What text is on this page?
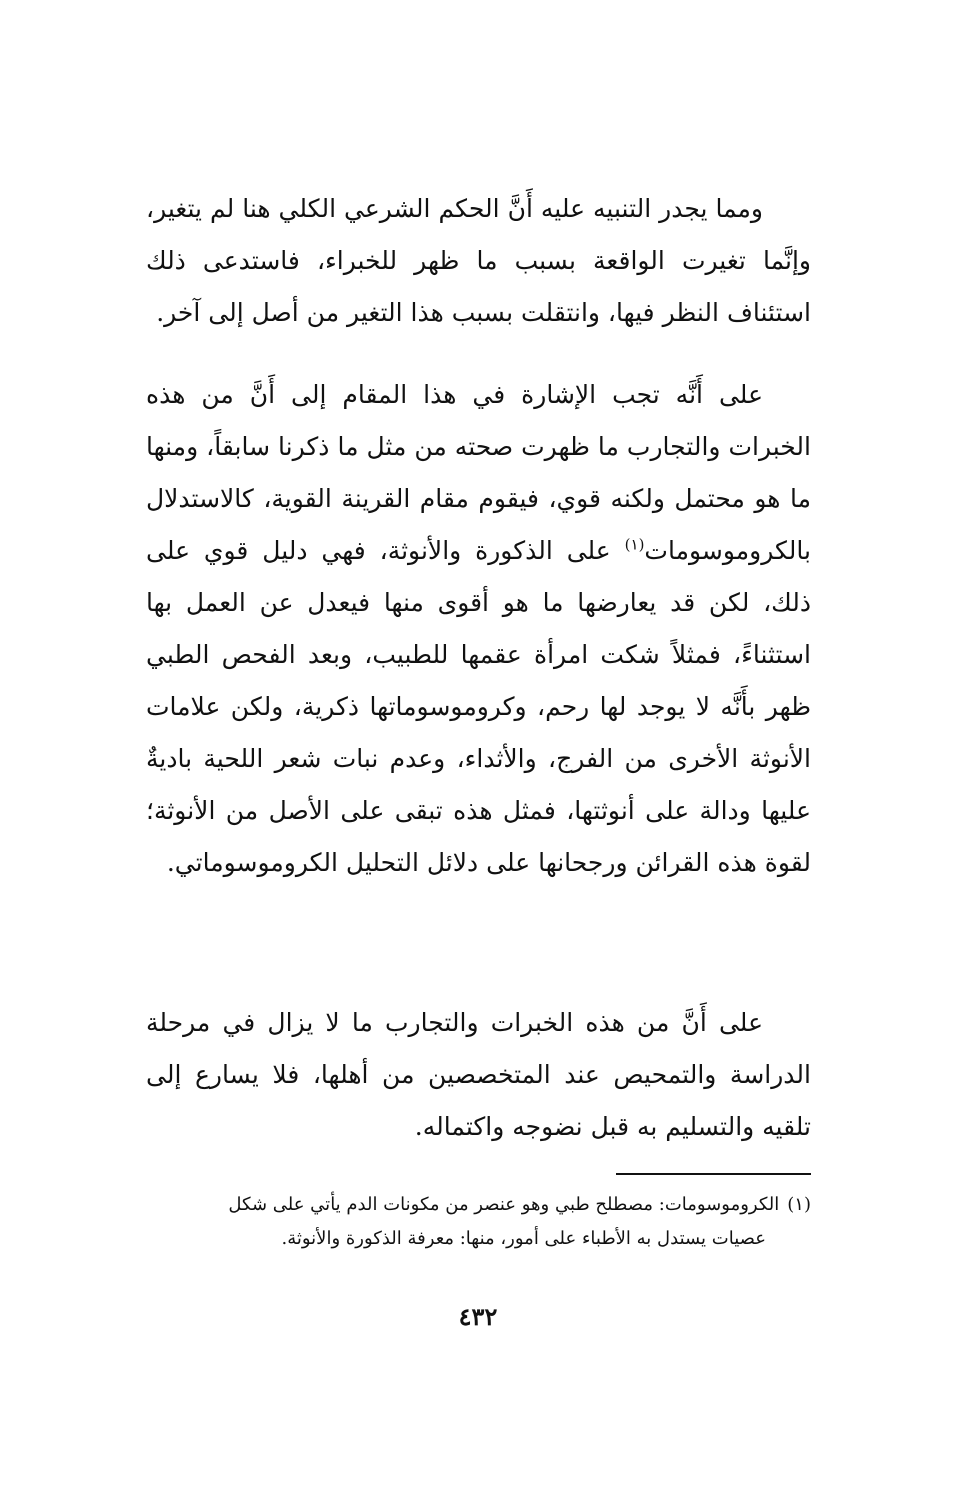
ومما يجدر التنبيه عليه أَنَّ الحكم الشرعي الكلي هنا لم يتغير، وإنَّما تغيرت الواقعة بسبب ما ظهر للخبراء، فاستدعى ذلك استئناف النظر فيها، وانتقلت بسبب هذا التغير من أصل إلى آخر.

على أَنَّه تجب الإشارة في هذا المقام إلى أَنَّ من هذه الخبرات والتجارب ما ظهرت صحته من مثل ما ذكرنا سابقاً، ومنها ما هو محتمل ولكنه قوي، فيقوم مقام القرينة القوية، كالاستدلال بالكروموسومات$^{(١)}$ على الذكورة والأنوثة، فهي دليل قوي على ذلك، لكن قد يعارضها ما هو أقوى منها فيعدل عن العمل بها استثناءً، فمثلاً شكت امرأة عقمها للطبيب، وبعد الفحص الطبي ظهر بأَنَّه لا يوجد لها رحم، وكروموسوماتها ذكرية، ولكن علامات الأنوثة الأخرى من الفرج، والأثداء، وعدم نبات شعر اللحية باديةٌ عليها ودالة على أنوثتها، فمثل هذه تبقى على الأصل من الأنوثة؛ لقوة هذه القرائن ورجحانها على دلائل التحليل الكروموسوماتي.

على أَنَّ من هذه الخبرات والتجارب ما لا يزال في مرحلة الدراسة والتمحيص عند المتخصصين من أهلها، فلا يسارع إلى تلقيه والتسليم به قبل نضوجه واكتماله.

(١)الكروموسومات: مصطلح طبي وهو عنصر من مكونات الدم يأتي على شكل
عصيات يستدل به الأطباء على أمور، منها: معرفة الذكورة والأنوثة.
٤٣٢
